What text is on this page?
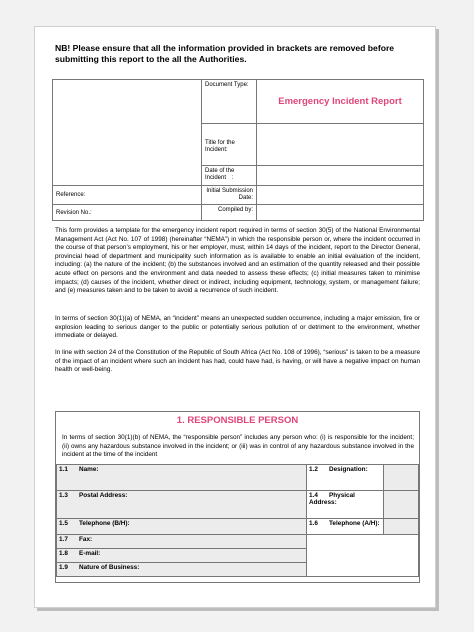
NB! Please ensure that all the information provided in brackets are removed before submitting this report to the all the Authorities.

	Document Type:	Emergency Incident Report

	Title for the Incident:	

	Date of the Incident :	

Reference:	Initial Submission Date:	

Revision No.:	Compiled by:	

This form provides a template for the emergency incident report required in terms of section 30(5) of the National Environmental Management Act (Act No. 107 of 1998) (hereinafter “NEMA”) in which the responsible person or, where the incident occurred in the course of that person’s employment, his or her employer, must, within 14 days of the incident, report to the Director General, provincial head of department and municipality such information as is available to enable an initial evaluation of the incident, including: (a) the nature of the incident; (b) the substances involved and an estimation of the quantity released and their possible acute effect on persons and the environment and data needed to assess these effects; (c) initial measures taken to minimise impacts; (d) causes of the incident, whether direct or indirect, including equipment, technology, system, or management failure; and (e) measures taken and to be taken to avoid a recurrence of such incident.
In terms of section 30(1)(a) of NEMA, an “incident” means an unexpected sudden occurrence, including a major emission, fire or explosion leading to serious danger to the public or potentially serious pollution of or detriment to the environment, whether immediate or delayed.
In line with section 24 of the Constitution of the Republic of South Africa (Act No. 108 of 1996), “serious” is taken to be a measure of the impact of an incident where such an incident has had, could have had, is having, or will have a negative impact on human health or well-being.
1. RESPONSIBLE PERSON
In terms of section 30(1)(b) of NEMA, the “responsible person” includes any person who: (i) is responsible for the incident; (ii) owns any hazardous substance involved in the incident; or (iii) was in control of any hazardous substance involved in the incident at the time of the incident
1.1 Name:	1.2 Designation:	
1.3 Postal Address:	1.4 Physical Address:	
1.5 Telephone (B/H):	1.6 Telephone (A/H):	
1.7 Fax:		
1.8 E-mail:		
1.9 Nature of Business:		
